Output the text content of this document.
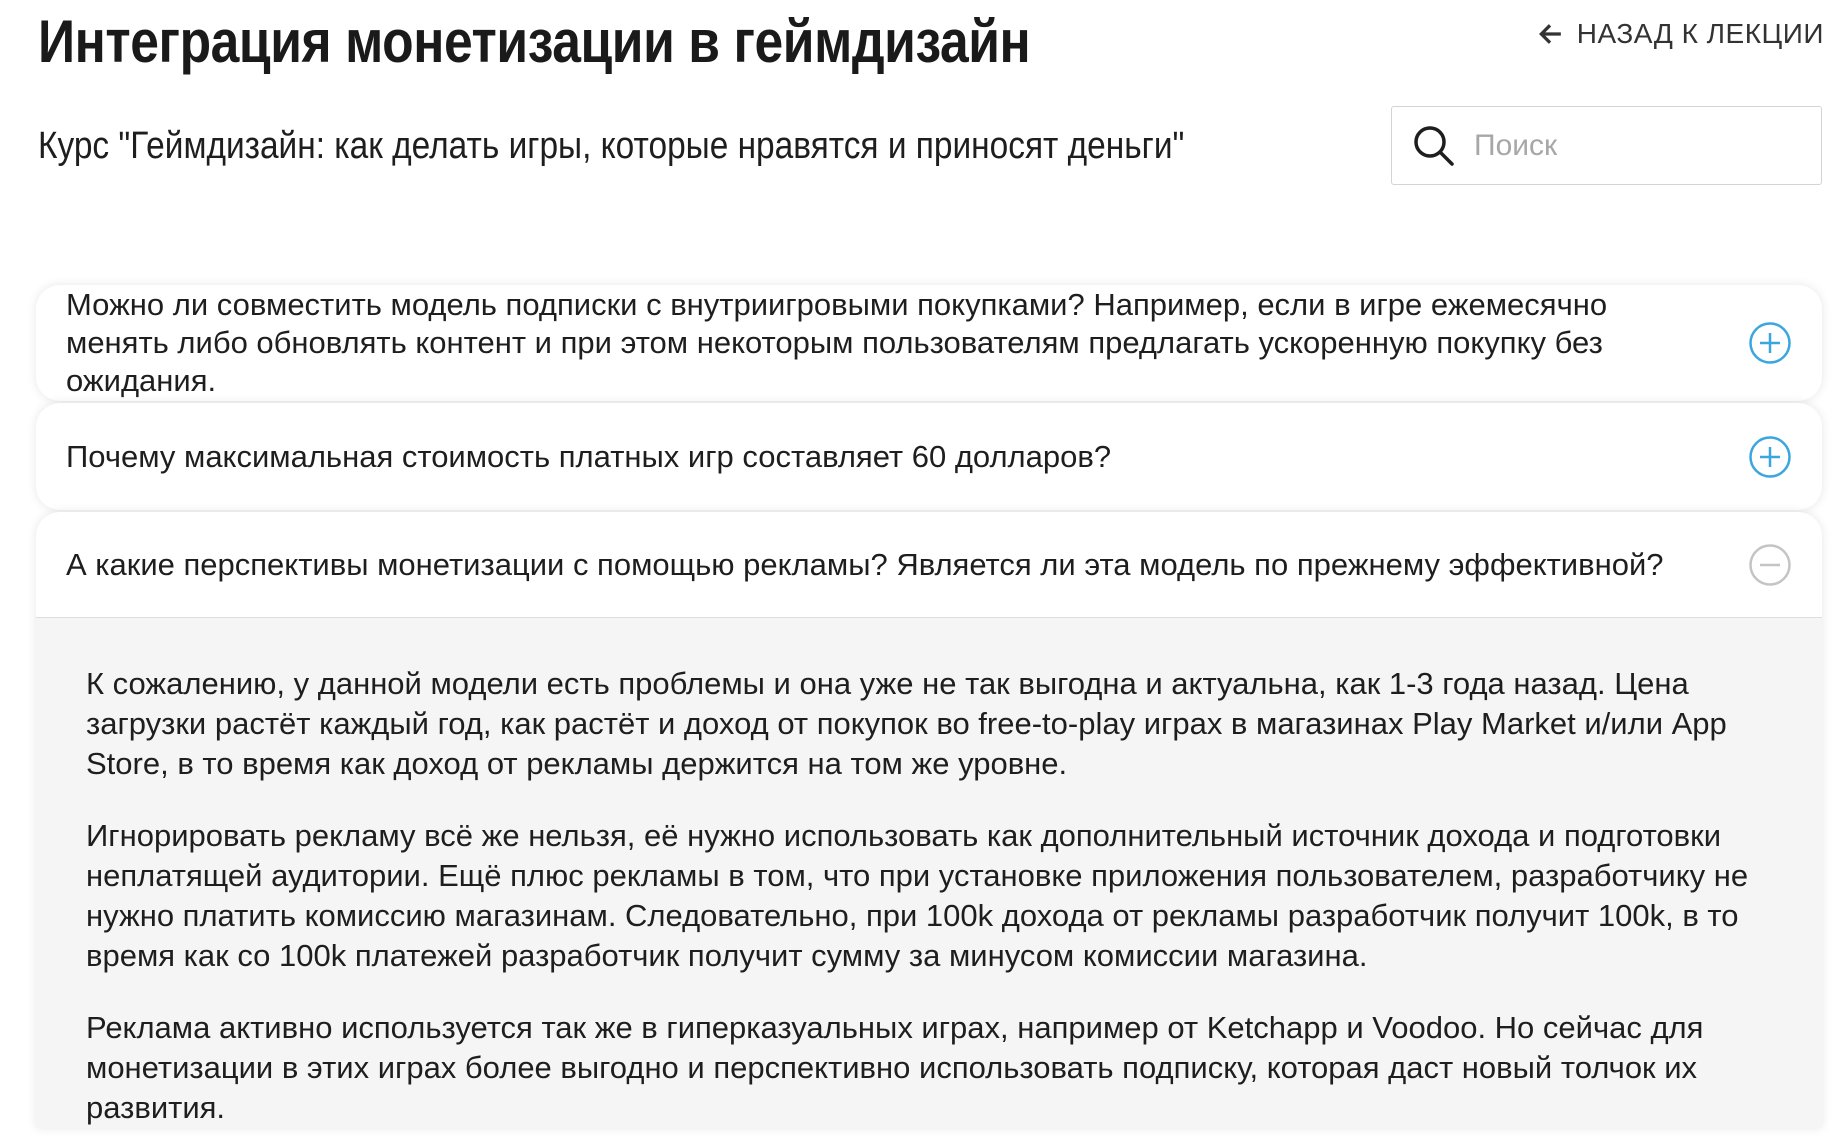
Интеграция монетизации в геймдизайн	НАЗАД К ЛЕКЦИИ
Курс "Геймдизайн: как делать игры, которые нравятся и приносят деньги"
Поиск
Можно ли совместить модель подписки с внутриигровыми покупками? Например, если в игре ежемесячно менять либо обновлять контент и при этом некоторым пользователям предлагать ускоренную покупку без ожидания.
Почему максимальная стоимость платных игр составляет 60 долларов?
А какие перспективы монетизации с помощью рекламы? Является ли эта модель по прежнему эффективной?

К сожалению, у данной модели есть проблемы и она уже не так выгодна и актуальна, как 1-3 года назад. Цена загрузки растёт каждый год, как растёт и доход от покупок во free-to-play играх в магазинах Play Market и/или App Store, в то время как доход от рекламы держится на том же уровне.

Игнорировать рекламу всё же нельзя, её нужно использовать как дополнительный источник дохода и подготовки неплатящей аудитории. Ещё плюс рекламы в том, что при установке приложения пользователем, разработчику не нужно платить комиссию магазинам. Следовательно, при 100k дохода от рекламы разработчик получит 100k, в то время как со 100k платежей разработчик получит сумму за минусом комиссии магазина.

Реклама активно используется так же в гиперказуальных играх, например от Ketchapp и Voodoo. Но сейчас для монетизации в этих играх более выгодно и перспективно использовать подписку, которая даст новый толчок их развития.
